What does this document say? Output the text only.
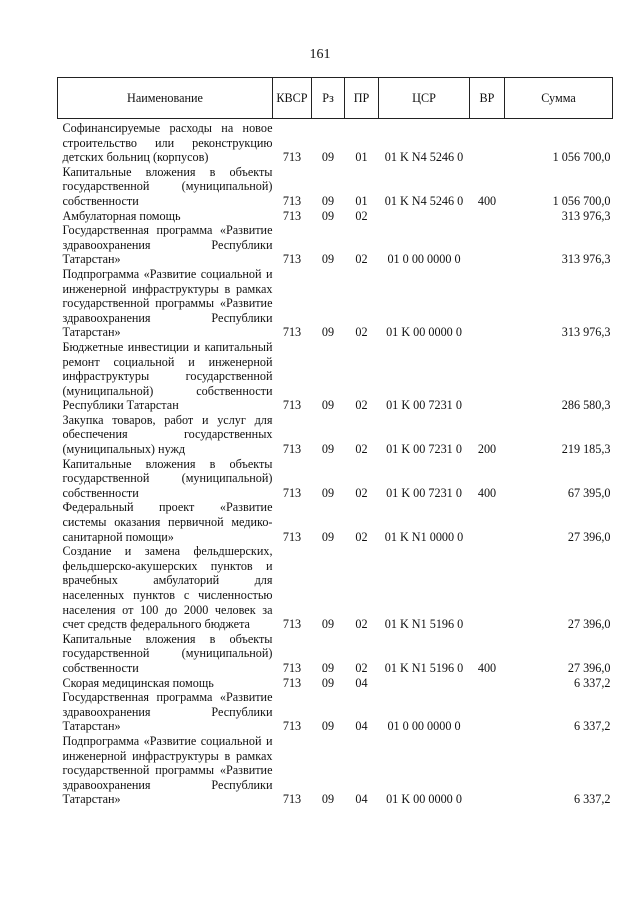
161
Наименование	КВСР	Рз	ПР	ЦСР	ВР	Сумма
Софинансируемые расходы на новое строительство или реконструкцию детских больниц (корпусов)	713	09	01	01 K N4 5246 0		1 056 700,0
Капитальные вложения в объекты государственной (муниципальной) собственности	713	09	01	01 K N4 5246 0	400	1 056 700,0
Амбулаторная помощь	713	09	02			313 976,3
Государственная программа «Развитие здравоохранения Республики Татарстан»	713	09	02	01 0 00 0000 0		313 976,3
Подпрограмма «Развитие социальной и инженерной инфраструктуры в рамках государственной программы «Развитие здравоохранения Республики Татарстан»	713	09	02	01 K 00 0000 0		313 976,3
Бюджетные инвестиции и капитальный ремонт социальной и инженерной инфраструктуры государственной (муниципальной) собственности Республики Татарстан	713	09	02	01 K 00 7231 0		286 580,3
Закупка товаров, работ и услуг для обеспечения государственных (муниципальных) нужд	713	09	02	01 K 00 7231 0	200	219 185,3
Капитальные вложения в объекты государственной (муниципальной) собственности	713	09	02	01 K 00 7231 0	400	67 395,0
Федеральный проект «Развитие системы оказания первичной медико-санитарной помощи»	713	09	02	01 K N1 0000 0		27 396,0
Создание и замена фельдшерских, фельдшерско-акушерских пунктов и врачебных амбулаторий для населенных пунктов с численностью населения от 100 до 2000 человек за счет средств федерального бюджета	713	09	02	01 K N1 5196 0		27 396,0
Капитальные вложения в объекты государственной (муниципальной) собственности	713	09	02	01 K N1 5196 0	400	27 396,0
Скорая медицинская помощь	713	09	04			6 337,2
Государственная программа «Развитие здравоохранения Республики Татарстан»	713	09	04	01 0 00 0000 0		6 337,2
Подпрограмма «Развитие социальной и инженерной инфраструктуры в рамках государственной программы «Развитие здравоохранения Республики Татарстан»	713	09	04	01 K 00 0000 0		6 337,2
